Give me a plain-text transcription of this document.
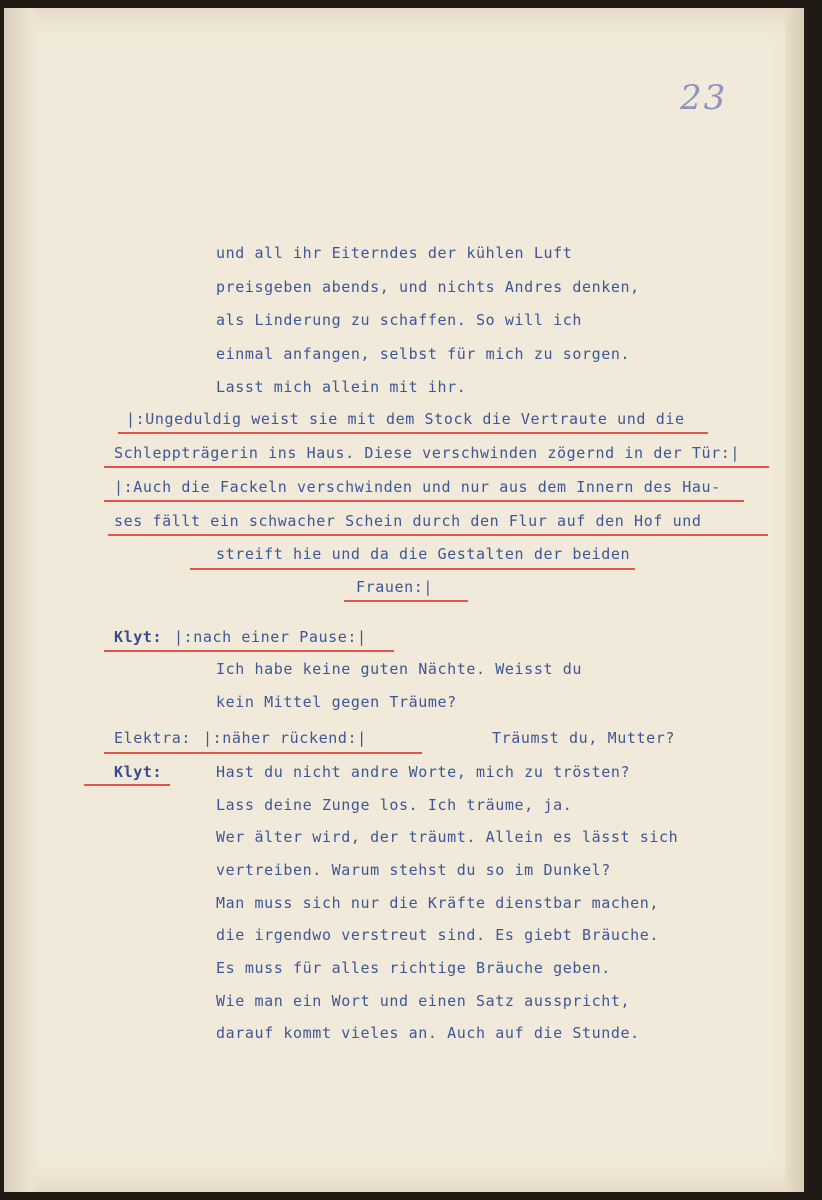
23
und all ihr Eiterndes der kühlen Luft
preisgeben abends, und nichts Andres denken,
als Linderung zu schaffen. So will ich
einmal anfangen, selbst für mich zu sorgen.
Lasst mich allein mit ihr.
|:Ungeduldig weist sie mit dem Stock die Vertraute und die
Schleppträgerin ins Haus. Diese verschwinden zögernd in der Tür:|
|:Auch die Fackeln verschwinden und nur aus dem Innern des Hau-
ses fällt ein schwacher Schein durch den Flur auf den Hof und
streift hie und da die Gestalten der beiden
Frauen:|
Klyt: |:nach einer Pause:|
Ich habe keine guten Nächte. Weisst du
kein Mittel gegen Träume?
Elektra: |:näher rückend:|	Träumst du, Mutter?
Klyt:	Hast du nicht andre Worte, mich zu trösten?
Lass deine Zunge los. Ich träume, ja.
Wer älter wird, der träumt. Allein es lässt sich
vertreiben. Warum stehst du so im Dunkel?
Man muss sich nur die Kräfte dienstbar machen,
die irgendwo verstreut sind. Es giebt Bräuche.
Es muss für alles richtige Bräuche geben.
Wie man ein Wort und einen Satz ausspricht,
darauf kommt vieles an. Auch auf die Stunde.
